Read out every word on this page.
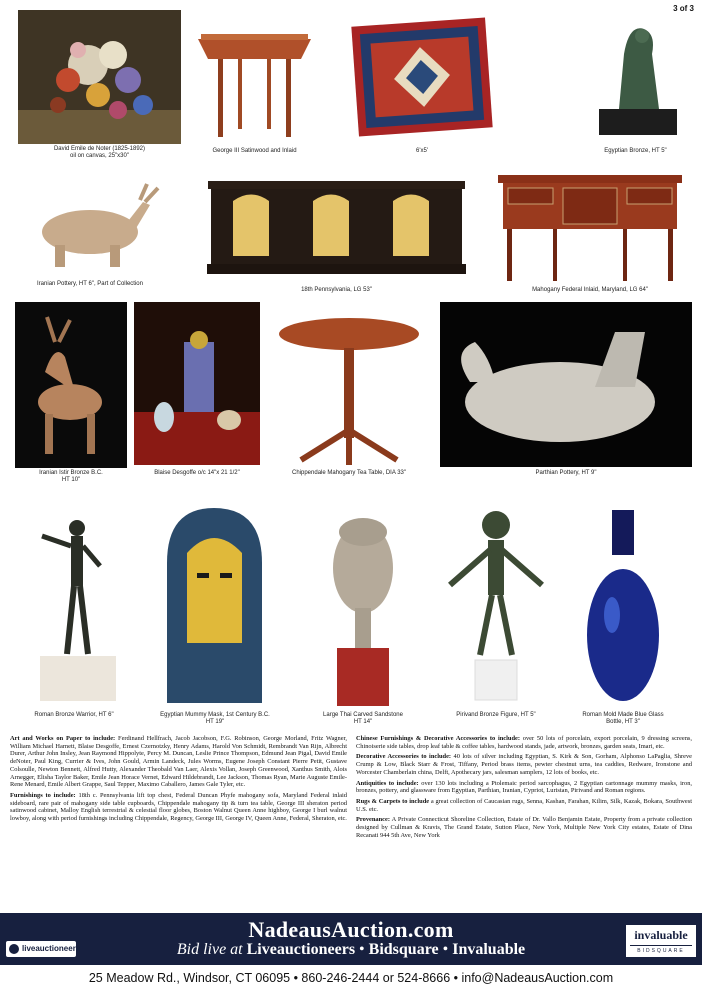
3 of 3
David Emile de Noter (1825-1892)
oil on canvas, 25"x30"
George III Satinwood and Inlaid	6'x5'	Egyptian Bronze, HT 5"
Iranian Pottery, HT 6", Part of Collection
18th Pennsylvania, LG 53"	Mahogany Federal Inlaid, Maryland, LG 64"
Iranian Istir Bronze B.C.
HT 10"
Blaise Desgoffe o/c 14"x 21 1/2"	Chippendale Mahogany Tea Table, DIA 33"	Parthian Pottery, HT 9"
Roman Bronze Warrior, HT 6"	Egyptian Mummy Mask, 1st Century B.C.
HT 19"
Large Thai Carved Sandstone
HT 14"
Pirivand Bronze Figure, HT 5"	Roman Mold Made Blue Glass
Bottle, HT 3"

Art and Works on Paper to include: Ferdinand Hellfrach, Jacob Jacobson, F.G. Robinson, George Morland, Fritz Wagner, William Michael Harnett, Blaise Desgoffe, Ernest Czernotzky, Henry Adams, Harold Von Schmidt, Rembrandt Van Rijn, Albrecht Durer, Arthur John Insley, Jean Raymond Hippolyte, Percy M. Duncan, Leslie Prince Thompson, Edmund Jean Pigal, David Emile deNoter, Paul King, Currier & Ives, John Gould, Armin Landeck, Jules Worms, Eugene Joseph Constant Pierre Petit, Gustave Colsoulle, Newton Bennett, Alfred Hutty, Alexander Theobald Van Laer, Alexis Vollan, Joseph Greenwood, Xanthus Smith, Alois Arnegger, Elisha Taylor Baker, Emile Jean Horace Vernet, Edward Hildebrandt, Lee Jackson, Thomas Ryan, Marie Auguste Emile-Rene Menard, Emile Albert Grappe, Saul Tepper, Maximo Caballero, James Gale Tyler, etc.

Furnishings to include: 18th c. Pennsylvania lift top chest, Federal Duncan Phyfe mahogany sofa, Maryland Federal inlaid sideboard, rare pair of mahogany side table cupboards, Chippendale mahogany tip & turn tea table, George III sheraton period satinwood cabinet, Malloy English terrestrial & celestial floor globes, Boston Walnut Queen Anne highboy, George I burl walnut lowboy, along with period furnishings including Chippendale, Regency, George III, George IV, Queen Anne, Federal, Sheraton, etc.

Chinese Furnishings & Decorative Accessories to include: over 50 lots of porcelain, export porcelain, 9 dressing screens, Chinoiserie side tables, drop leaf table & coffee tables, hardwood stands, jade, artwork, bronzes, garden seats, Imari, etc.

Decorative Accessories to include: 40 lots of silver including Egyptian, S. Kirk & Son, Gorham, Alphonso LaPaglia, Shreve Crump & Low, Black Starr & Frost, Tiffany, Period brass items, pewter chestnut urns, tea caddies, Redware, Ironstone and Worcester Chamberlain china, Delft, Apothecary jars, salesman samplers, 12 lots of books, etc.

Antiquities to include: over 130 lots including a Ptolemaic period sarcophagus, 2 Egyptian cartonnage mummy masks, iron, bronzes, pottery, and glassware from Egyptian, Parthian, Iranian, Cypriot, Luristan, Pirivand and Roman regions.

Rugs & Carpets to include a great collection of Caucasian rugs, Senna, Kashan, Farahan, Kilim, Silk, Kazak, Bokara, Southwest U.S. etc.

Provenance: A Private Connecticut Shoreline Collection, Estate of Dr. Vallo Benjamin Estate, Property from a private collection designed by Cullman & Kravis, The Grand Estate, Sutton Place, New York, Multiple New York City estates, Estate of Dina Recanati 944 5th Ave, New York

NadeausAuction.com
Bid live at Liveauctioneers • Bidsquare • Invaluable
liveauctioneers
invaluable
BIDSQUARE
25 Meadow Rd., Windsor, CT 06095 • 860-246-2444 or 524-8666 • info@NadeausAuction.com
